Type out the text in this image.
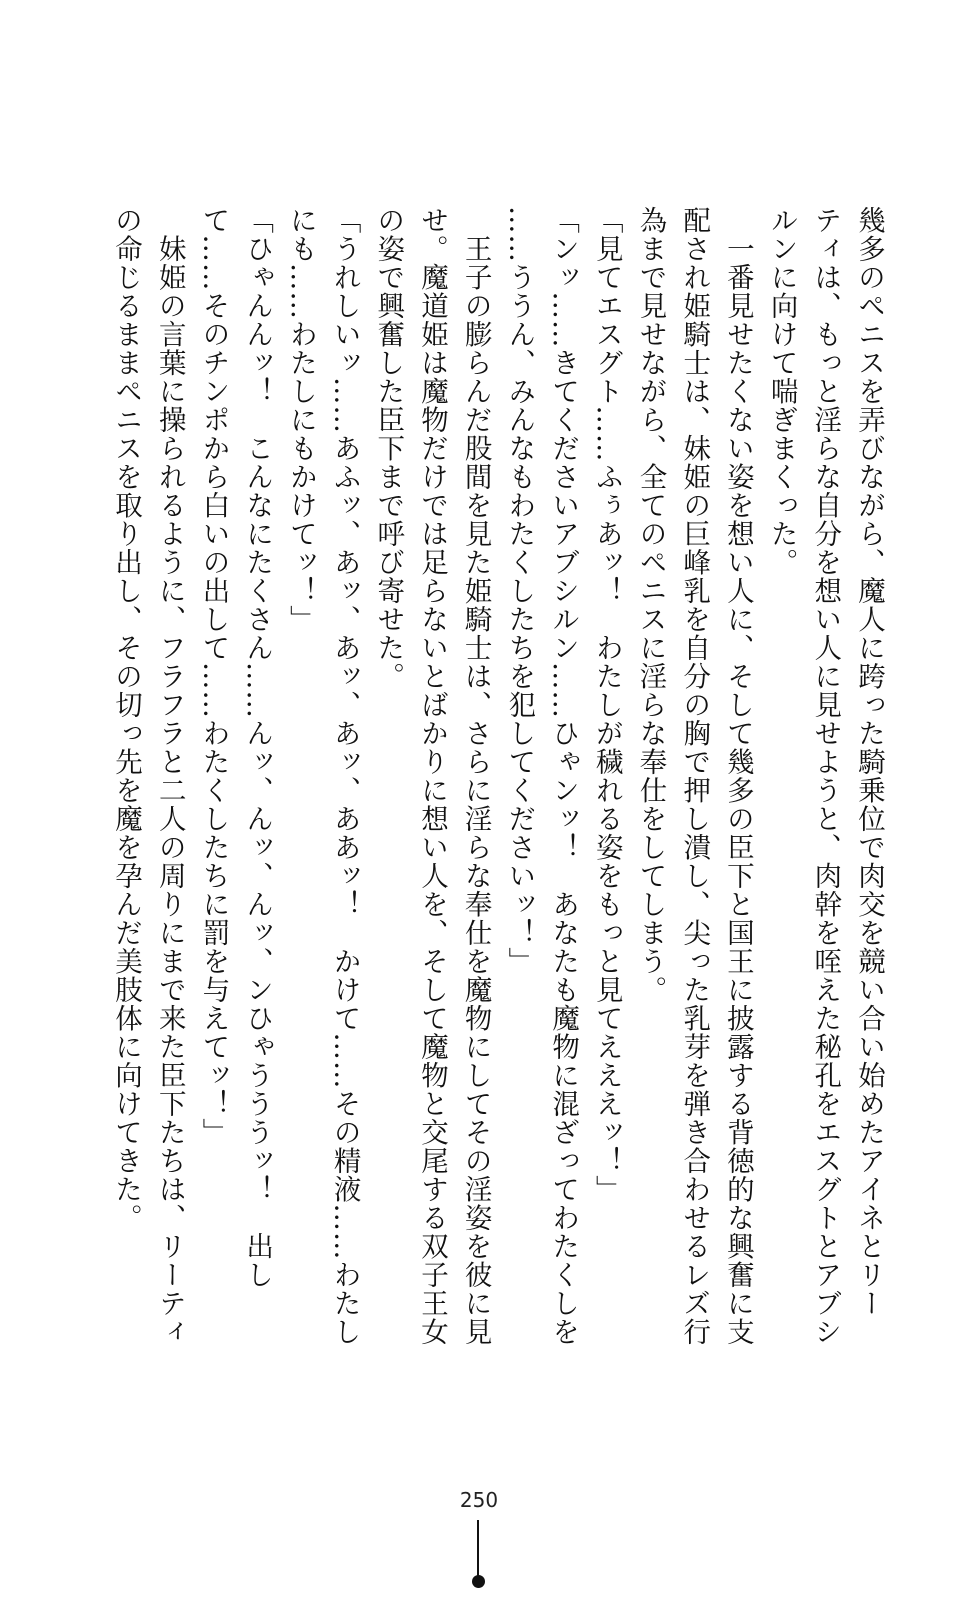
幾多のペニスを弄びながら、魔人に跨った騎乗位で肉交を競い合い始めたアイネとリー
ティは、もっと淫らな自分を想い人に見せようと、肉幹を咥えた秘孔をエスグトとアブシ
ルンに向けて喘ぎまくった。
　一番見せたくない姿を想い人に、そして幾多の臣下と国王に披露する背徳的な興奮に支
配され姫騎士は、妹姫の巨峰乳を自分の胸で押し潰し、尖った乳芽を弾き合わせるレズ行
為まで見せながら、全てのペニスに淫らな奉仕をしてしまう。
「見てエスグト……ふぅあッ！　わたしが穢れる姿をもっと見てえええッ！」
「ンッ……きてくださいアブシルン……ひゃンッ！　あなたも魔物に混ざってわたくしを
……ううん、みんなもわたくしたちを犯してくださいッ！」
　王子の膨らんだ股間を見た姫騎士は、さらに淫らな奉仕を魔物にしてその淫姿を彼に見
せ。魔道姫は魔物だけでは足らないとばかりに想い人を、そして魔物と交尾する双子王女
の姿で興奮した臣下まで呼び寄せた。
「うれしいッ……あふッ、あッ、あッ、あッ、ああッ！　かけて……その精液……わたし
にも……わたしにもかけてッ！」
「ひゃんんッ！　こんなにたくさん……んッ、んッ、んッ、ンひゃうううッ！　出し
て……そのチンポから白いの出して……わたくしたちに罰を与えてッ！」
　妹姫の言葉に操られるように、フラフラと二人の周りにまで来た臣下たちは、リーティ
の命じるままペニスを取り出し、その切っ先を魔を孕んだ美肢体に向けてきた。
250
